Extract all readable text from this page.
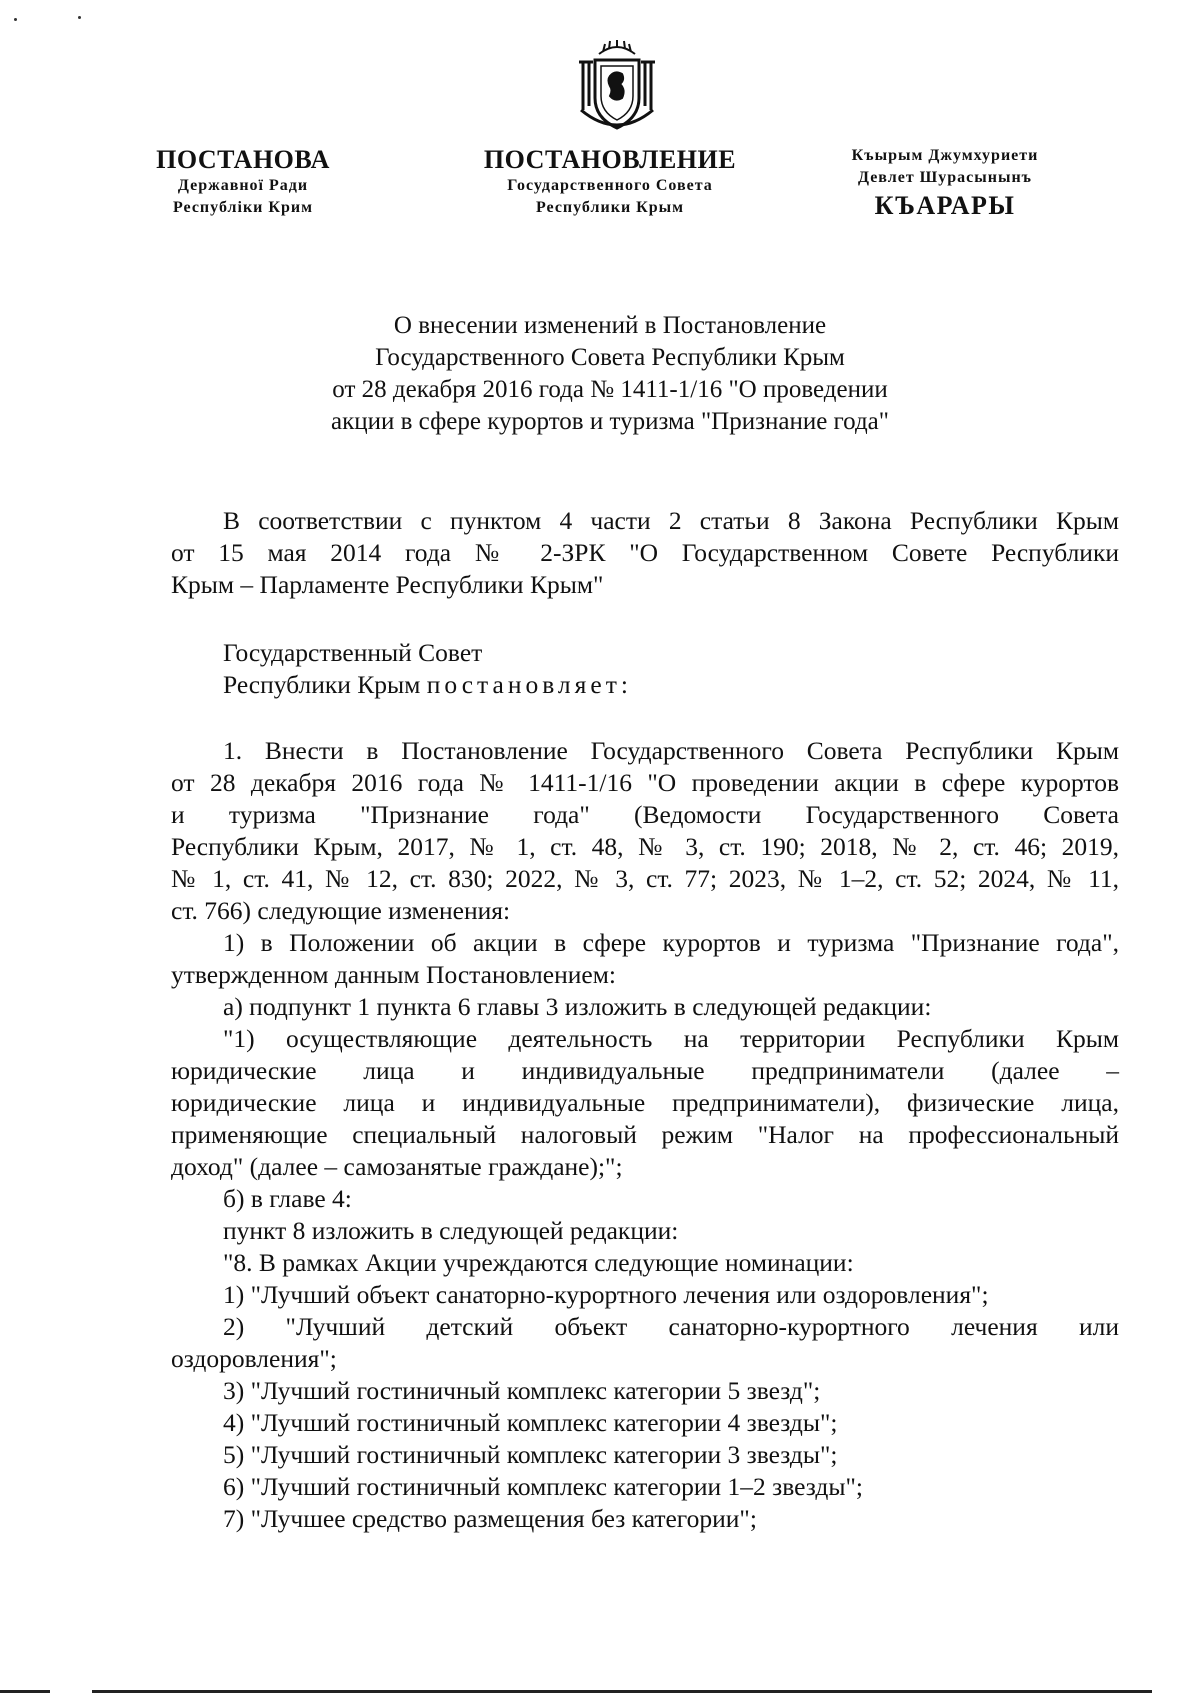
ПОСТАНОВА
Державної Ради
Республіки Крим
ПОСТАНОВЛЕНИЕ
Государственного Совета
Республики Крым
Къырым Джумхуриети
Девлет Шурасынынъ
КЪАРАРЫ
О внесении изменений в Постановление
Государственного Совета Республики Крым
от 28 декабря 2016 года № 1411-1/16 "О проведении
акции в сфере курортов и туризма "Признание года"
В соответствии с пунктом 4 части 2 статьи 8 Закона Республики Крым
от 15 мая 2014 года № 2-ЗРК "О Государственном Совете Республики
Крым – Парламенте Республики Крым"
Государственный Совет
Республики Крым постановляет:
1. Внести в Постановление Государственного Совета Республики Крым
от 28 декабря 2016 года № 1411-1/16 "О проведении акции в сфере курортов
и туризма "Признание года" (Ведомости Государственного Совета
Республики Крым, 2017, № 1, ст. 48, № 3, ст. 190; 2018, № 2, ст. 46; 2019,
№ 1, ст. 41, № 12, ст. 830; 2022, № 3, ст. 77; 2023, № 1–2, ст. 52; 2024, № 11,
ст. 766) следующие изменения:
1) в Положении об акции в сфере курортов и туризма "Признание года",
утвержденном данным Постановлением:
а) подпункт 1 пункта 6 главы 3 изложить в следующей редакции:
"1) осуществляющие деятельность на территории Республики Крым
юридические лица и индивидуальные предприниматели (далее –
юридические лица и индивидуальные предприниматели), физические лица,
применяющие специальный налоговый режим "Налог на профессиональный
доход" (далее – самозанятые граждане);";
б) в главе 4:
пункт 8 изложить в следующей редакции:
"8. В рамках Акции учреждаются следующие номинации:
1) "Лучший объект санаторно-курортного лечения или оздоровления";
2) "Лучший детский объект санаторно-курортного лечения или
оздоровления";
3) "Лучший гостиничный комплекс категории 5 звезд";
4) "Лучший гостиничный комплекс категории 4 звезды";
5) "Лучший гостиничный комплекс категории 3 звезды";
6) "Лучший гостиничный комплекс категории 1–2 звезды";
7) "Лучшее средство размещения без категории";
